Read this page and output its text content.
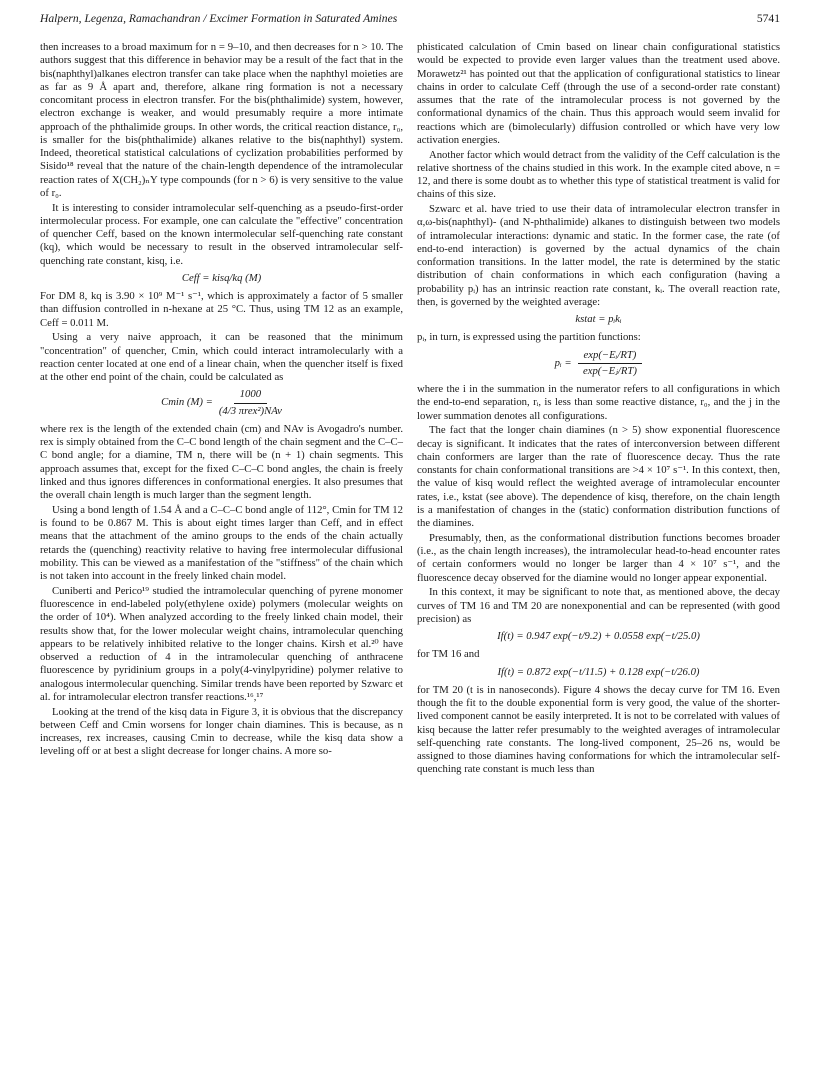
Halpern, Legenza, Ramachandran / Excimer Formation in Saturated Amines	5741

then increases to a broad maximum for n = 9–10, and then decreases for n > 10. The authors suggest that this difference in behavior may be a result of the fact that in the bis(naphthyl)alkanes electron transfer can take place when the naphthyl moieties are as far as 9 Å apart and, therefore, alkane ring formation is not a necessary concomitant process in electron transfer. For the bis(phthalimide) system, however, electron exchange is weaker, and would presumably require a more intimate approach of the phthalimide groups. In other words, the critical reaction distance, r₀, is smaller for the bis(phthalimide) alkanes relative to the bis(naphthyl) system. Indeed, theoretical statistical calculations of cyclization probabilities performed by Sisido¹⁸ reveal that the nature of the chain-length dependence of the intramolecular reaction rates of X(CH₂)ₙY type compounds (for n > 6) is very sensitive to the value of r₀.

It is interesting to consider intramolecular self-quenching as a pseudo-first-order intermolecular process. For example, one can calculate the "effective" concentration of quencher Ceff, based on the known intermolecular self-quenching rate constant (kq), which would be necessary to result in the observed intramolecular self-quenching rate constant, kisq, i.e.

Ceff = kisq/kq (M)

For DM 8, kq is 3.90 × 10⁹ M⁻¹ s⁻¹, which is approximately a factor of 5 smaller than diffusion controlled in n-hexane at 25 °C. Thus, using TM 12 as an example, Ceff = 0.011 M.

Using a very naive approach, it can be reasoned that the minimum "concentration" of quencher, Cmin, which could interact intramolecularly with a reaction center located at one end of a linear chain, when the quencher itself is fixed at the other end point of the chain, could be calculated as

Cmin $(M) = \frac{1000}{\text{(4/3 πrex²)NAv}}$

where rex is the length of the extended chain (cm) and NAv is Avogadro's number. rex is simply obtained from the C–C bond length of the chain segment and the C–C–C bond angle; for a diamine, TM n, there will be (n + 1) chain segments. This approach assumes that, except for the fixed C–C–C bond angles, the chain is freely linked and thus ignores differences in conformational energies. It also presumes that the overall chain length is much larger than the segment length.

Using a bond length of 1.54 Å and a C–C–C bond angle of 112°, Cmin for TM 12 is found to be 0.867 M. This is about eight times larger than Ceff, and in effect means that the attachment of the amino groups to the ends of the chain actually retards the (quenching) reactivity relative to having free intermolecular diffusional mobility. This can be viewed as a manifestation of the "stiffness" of the chain which is not taken into account in the freely linked chain model.

Cuniberti and Perico¹⁹ studied the intramolecular quenching of pyrene monomer fluorescence in end-labeled poly(ethylene oxide) polymers (molecular weights on the order of 10⁴). When analyzed according to the freely linked chain model, their results show that, for the lower molecular weight chains, intramolecular quenching appears to be relatively inhibited relative to the longer chains. Kirsh et al.²⁰ have observed a reduction of 4 in the intramolecular quenching of anthracene fluorescence by pyridinium groups in a poly(4-vinylpyridine) polymer relative to analogous intermolecular quenching. Similar trends have been reported by Szwarc et al. for intramolecular electron transfer reactions.¹⁶,¹⁷

Looking at the trend of the kisq data in Figure 3, it is obvious that the discrepancy between Ceff and Cmin worsens for longer chain diamines. This is because, as n increases, rex increases, causing Cmin to decrease, while the kisq data show a leveling off or at best a slight decrease for longer chains. A more so-

phisticated calculation of Cmin based on linear chain configurational statistics would be expected to provide even larger values than the treatment used above. Morawetz²¹ has pointed out that the application of configurational statistics to linear chains in order to calculate Ceff (through the use of a second-order rate constant) assumes that the rate of the intramolecular process is not governed by the conformational dynamics of the chain. Thus this approach would seem invalid for reactions which are (bimolecularly) diffusion controlled or which have very low activation energies.

Another factor which would detract from the validity of the Ceff calculation is the relative shortness of the chains studied in this work. In the example cited above, n = 12, and there is some doubt as to whether this type of statistical treatment is valid for chains of this size.

Szwarc et al. have tried to use their data of intramolecular electron transfer in α,ω-bis(naphthyl)- (and N-phthalimide) alkanes to distinguish between two models of intramolecular interactions: dynamic and static. In the former case, the rate (of end-to-end interaction) is governed by the actual dynamics of the chain conformation transitions. In the latter model, the rate is determined by the static distribution of chain conformations in which each configuration (having a probability pᵢ) has an intrinsic reaction rate constant, kᵢ. The overall reaction rate, then, is governed by the weighted average:

kstat = pᵢkᵢ

pᵢ, in turn, is expressed using the partition functions:

pᵢ = $\frac{\text{exp(−Eᵢ/RT)}}{\text{exp(−Eⱼ/RT)}}$

where the i in the summation in the numerator refers to all configurations in which the end-to-end separation, rᵢ, is less than some reactive distance, r₀, and the j in the lower summation denotes all configurations.

The fact that the longer chain diamines (n > 5) show exponential fluorescence decay is significant. It indicates that the rates of interconversion between different chain conformers are larger than the rate of fluorescence decay. Thus the rate constants for chain conformational transitions are >4 × 10⁷ s⁻¹. In this context, then, the value of kisq would reflect the weighted average of intramolecular encounter rates, i.e., kstat (see above). The dependence of kisq, therefore, on the chain length is a manifestation of changes in the (static) conformation distribution functions of the diamines.

Presumably, then, as the conformational distribution functions becomes broader (i.e., as the chain length increases), the intramolecular head-to-head encounter rates of certain conformers would no longer be larger than 4 × 10⁷ s⁻¹, and the fluorescence decay observed for the diamine would no longer appear exponential.

In this context, it may be significant to note that, as mentioned above, the decay curves of TM 16 and TM 20 are nonexponential and can be represented (with good precision) as

If(t) = 0.947 exp(−t/9.2) + 0.0558 exp(−t/25.0)

for TM 16 and

If(t) = 0.872 exp(−t/11.5) + 0.128 exp(−t/26.0)

for TM 20 (t is in nanoseconds). Figure 4 shows the decay curve for TM 16. Even though the fit to the double exponential form is very good, the value of the shorter-lived component cannot be easily interpreted. It is not to be correlated with values of kisq because the latter refer presumably to the weighted averages of intramolecular self-quenching rate constants. The long-lived component, 25–26 ns, would be assigned to those diamines having conformations for which the intramolecular self-quenching rate constant is much less than
